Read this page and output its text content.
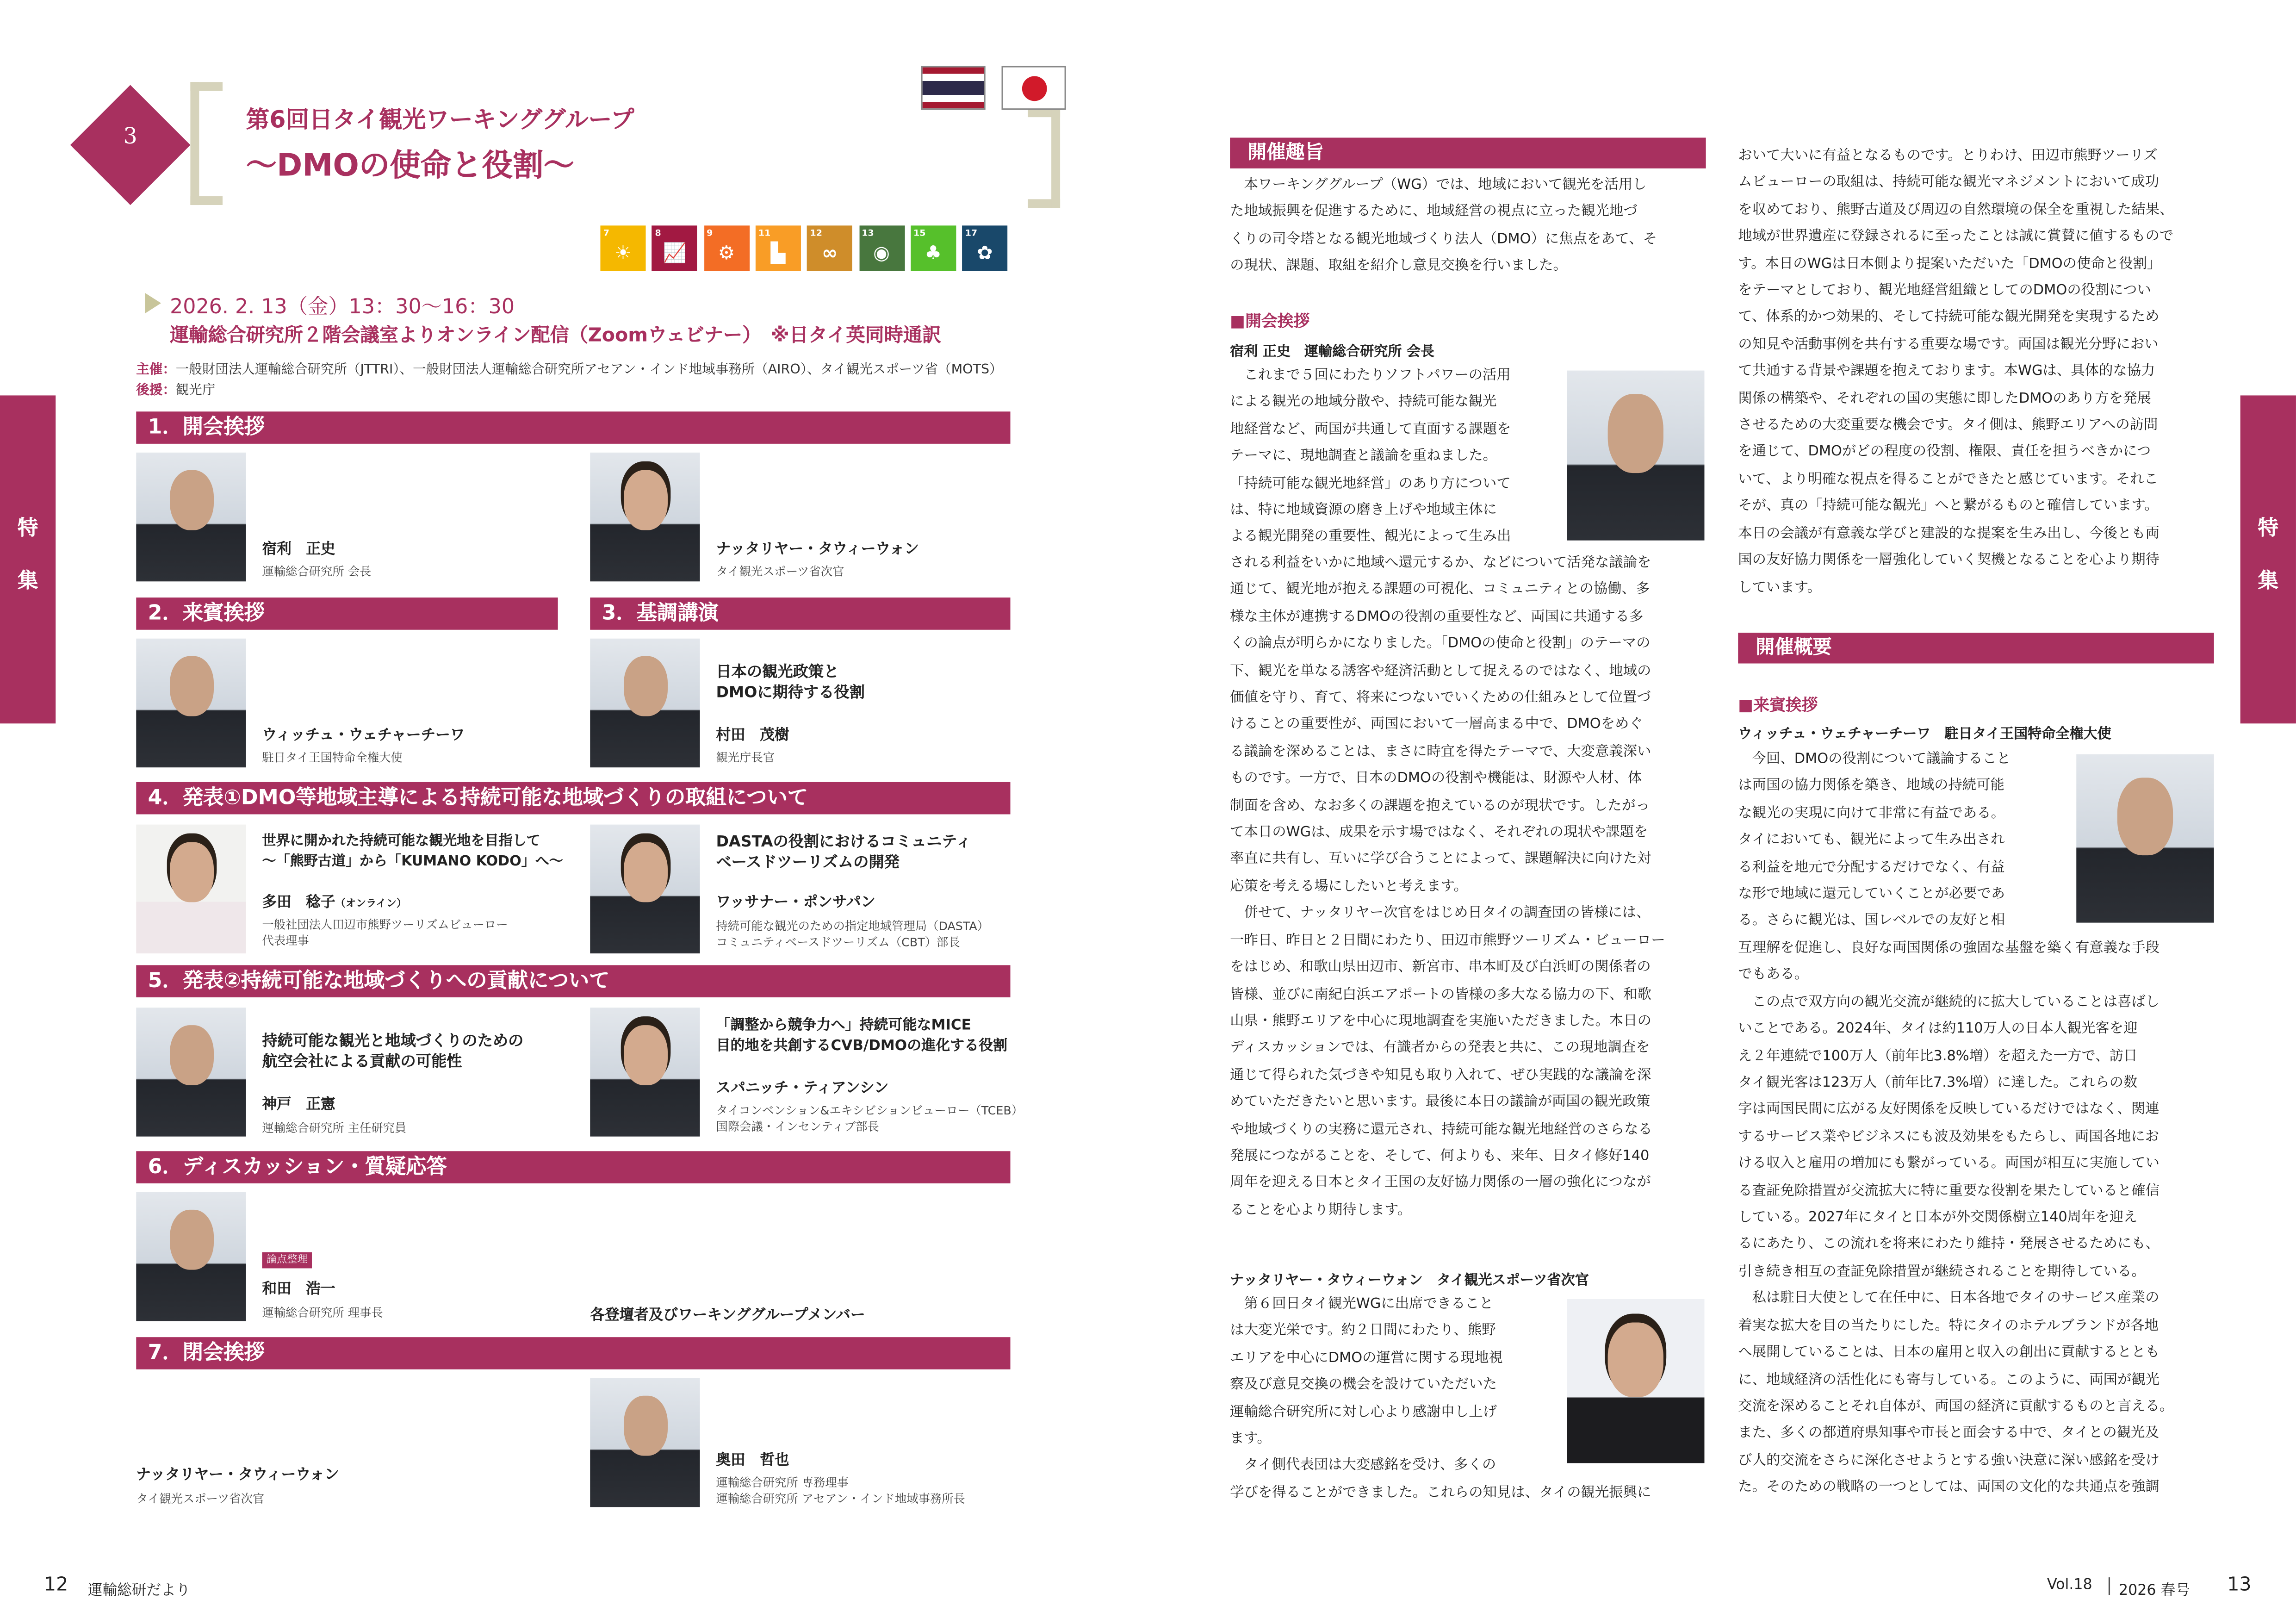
3
第6回日タイ観光ワーキンググループ
～DMOの使命と役割～
2026. 2. 13（金）13：30～16：30
運輸総合研究所２階会議室よりオンライン配信（Zoomウェビナー）　※日タイ英同時通訳
主催：一般財団法人運輸総合研究所（JTTRI）、一般財団法人運輸総合研究所アセアン・インド地域事務所（AIRO）、タイ観光スポーツ省（MOTS）
後援：観光庁
1．開会挨拶
宿利　正史
運輸総合研究所 会長
ナッタリヤー・タウィーウォン
タイ観光スポーツ省次官
2．来賓挨拶	3．基調講演
ウィッチュ・ウェチャーチーワ
駐日タイ王国特命全権大使
日本の観光政策と
DMOに期待する役割
村田　茂樹
観光庁長官
4．発表①DMO等地域主導による持続可能な地域づくりの取組について
世界に開かれた持続可能な観光地を目指して
～「熊野古道」から「KUMANO KODO」へ～
多田　稔子（オンライン）
一般社団法人田辺市熊野ツーリズムビューロー
代表理事
DASTAの役割におけるコミュニティ
ベースドツーリズムの開発
ワッサナー・ポンサパン
持続可能な観光のための指定地域管理局（DASTA）
コミュニティベースドツーリズム（CBT）部長
5．発表②持続可能な地域づくりへの貢献について
持続可能な観光と地域づくりのための
航空会社による貢献の可能性
神戸　正憲
運輸総合研究所 主任研究員
「調整から競争力へ」持続可能なMICE
目的地を共創するCVB/DMOの進化する役割
スパニッチ・ティアンシン
タイコンベンション&エキシビションビューロー（TCEB）
国際会議・インセンティブ部長
6．ディスカッション・質疑応答
論点整理
和田　浩一
運輸総合研究所 理事長	各登壇者及びワーキンググループメンバー
7．閉会挨拶
ナッタリヤー・タウィーウォン
タイ観光スポーツ省次官
奥田　哲也
運輸総合研究所 専務理事
運輸総合研究所 アセアン・インド地域事務所長
特
集
特
集
開催趣旨
　本ワーキンググループ（WG）では、地域において観光を活用し
た地域振興を促進するために、地域経営の視点に立った観光地づ
くりの司令塔となる観光地域づくり法人（DMO）に焦点をあて、そ
の現状、課題、取組を紹介し意見交換を行いました。
■開会挨拶
宿利 正史　運輸総合研究所 会長
　これまで５回にわたりソフトパワーの活用
による観光の地域分散や、持続可能な観光
地経営など、両国が共通して直面する課題を
テーマに、現地調査と議論を重ねました。
「持続可能な観光地経営」のあり方について
は、特に地域資源の磨き上げや地域主体に
よる観光開発の重要性、観光によって生み出
される利益をいかに地域へ還元するか、などについて活発な議論を
通じて、観光地が抱える課題の可視化、コミュニティとの協働、多
様な主体が連携するDMOの役割の重要性など、両国に共通する多
くの論点が明らかになりました。「DMOの使命と役割」のテーマの
下、観光を単なる誘客や経済活動として捉えるのではなく、地域の
価値を守り、育て、将来につないでいくための仕組みとして位置づ
けることの重要性が、両国において一層高まる中で、DMOをめぐ
る議論を深めることは、まさに時宜を得たテーマで、大変意義深い
ものです。一方で、日本のDMOの役割や機能は、財源や人材、体
制面を含め、なお多くの課題を抱えているのが現状です。したがっ
て本日のWGは、成果を示す場ではなく、それぞれの現状や課題を
率直に共有し、互いに学び合うことによって、課題解決に向けた対
応策を考える場にしたいと考えます。
　併せて、ナッタリヤー次官をはじめ日タイの調査団の皆様には、
一昨日、昨日と２日間にわたり、田辺市熊野ツーリズム・ビューロー
をはじめ、和歌山県田辺市、新宮市、串本町及び白浜町の関係者の
皆様、並びに南紀白浜エアポートの皆様の多大なる協力の下、和歌
山県・熊野エリアを中心に現地調査を実施いただきました。本日の
ディスカッションでは、有識者からの発表と共に、この現地調査を
通じて得られた気づきや知見も取り入れて、ぜひ実践的な議論を深
めていただきたいと思います。最後に本日の議論が両国の観光政策
や地域づくりの実務に還元され、持続可能な観光地経営のさらなる
発展につながることを、そして、何よりも、来年、日タイ修好140
周年を迎える日本とタイ王国の友好協力関係の一層の強化につなが
ることを心より期待します。
ナッタリヤー・タウィーウォン　タイ観光スポーツ省次官
　第６回日タイ観光WGに出席できること
は大変光栄です。約２日間にわたり、熊野
エリアを中心にDMOの運営に関する現地視
察及び意見交換の機会を設けていただいた
運輸総合研究所に対し心より感謝申し上げ
ます。
　タイ側代表団は大変感銘を受け、多くの
学びを得ることができました。これらの知見は、タイの観光振興に
おいて大いに有益となるものです。とりわけ、田辺市熊野ツーリズ
ムビューローの取組は、持続可能な観光マネジメントにおいて成功
を収めており、熊野古道及び周辺の自然環境の保全を重視した結果、
地域が世界遺産に登録されるに至ったことは誠に賞賛に値するもので
す。本日のWGは日本側より提案いただいた「DMOの使命と役割」
をテーマとしており、観光地経営組織としてのDMOの役割につい
て、体系的かつ効果的、そして持続可能な観光開発を実現するため
の知見や活動事例を共有する重要な場です。両国は観光分野におい
て共通する背景や課題を抱えております。本WGは、具体的な協力
関係の構築や、それぞれの国の実態に即したDMOのあり方を発展
させるための大変重要な機会です。タイ側は、熊野エリアへの訪問
を通じて、DMOがどの程度の役割、権限、責任を担うべきかにつ
いて、より明確な視点を得ることができたと感じています。それこ
そが、真の「持続可能な観光」へと繋がるものと確信しています。
本日の会議が有意義な学びと建設的な提案を生み出し、今後とも両
国の友好協力関係を一層強化していく契機となることを心より期待
しています。
開催概要
■来賓挨拶
ウィッチュ・ウェチャーチーワ　駐日タイ王国特命全権大使
　今回、DMOの役割について議論すること
は両国の協力関係を築き、地域の持続可能
な観光の実現に向けて非常に有益である。
タイにおいても、観光によって生み出され
る利益を地元で分配するだけでなく、有益
な形で地域に還元していくことが必要であ
る。さらに観光は、国レベルでの友好と相
互理解を促進し、良好な両国関係の強固な基盤を築く有意義な手段
でもある。
　この点で双方向の観光交流が継続的に拡大していることは喜ばし
いことである。2024年、タイは約110万人の日本人観光客を迎
え２年連続で100万人（前年比3.8%増）を超えた一方で、訪日
タイ観光客は123万人（前年比7.3%増）に達した。これらの数
字は両国民間に広がる友好関係を反映しているだけではなく、関連
するサービス業やビジネスにも波及効果をもたらし、両国各地にお
ける収入と雇用の増加にも繋がっている。両国が相互に実施してい
る査証免除措置が交流拡大に特に重要な役割を果たしていると確信
している。2027年にタイと日本が外交関係樹立140周年を迎え
るにあたり、この流れを将来にわたり維持・発展させるためにも、
引き続き相互の査証免除措置が継続されることを期待している。
　私は駐日大使として在任中に、日本各地でタイのサービス産業の
着実な拡大を目の当たりにした。特にタイのホテルブランドが各地
へ展開していることは、日本の雇用と収入の創出に貢献するととも
に、地域経済の活性化にも寄与している。このように、両国が観光
交流を深めることそれ自体が、両国の経済に貢献するものと言える。
また、多くの都道府県知事や市長と面会する中で、タイとの観光及
び人的交流をさらに深化させようとする強い決意に深い感銘を受け
た。そのための戦略の一つとしては、両国の文化的な共通点を強調
12	運輸総研だより	Vol.18	2026 春号	13
7
☀
8
📈
9
⚙
11
▙
12
∞
13
◉
15
♣
17
✿
